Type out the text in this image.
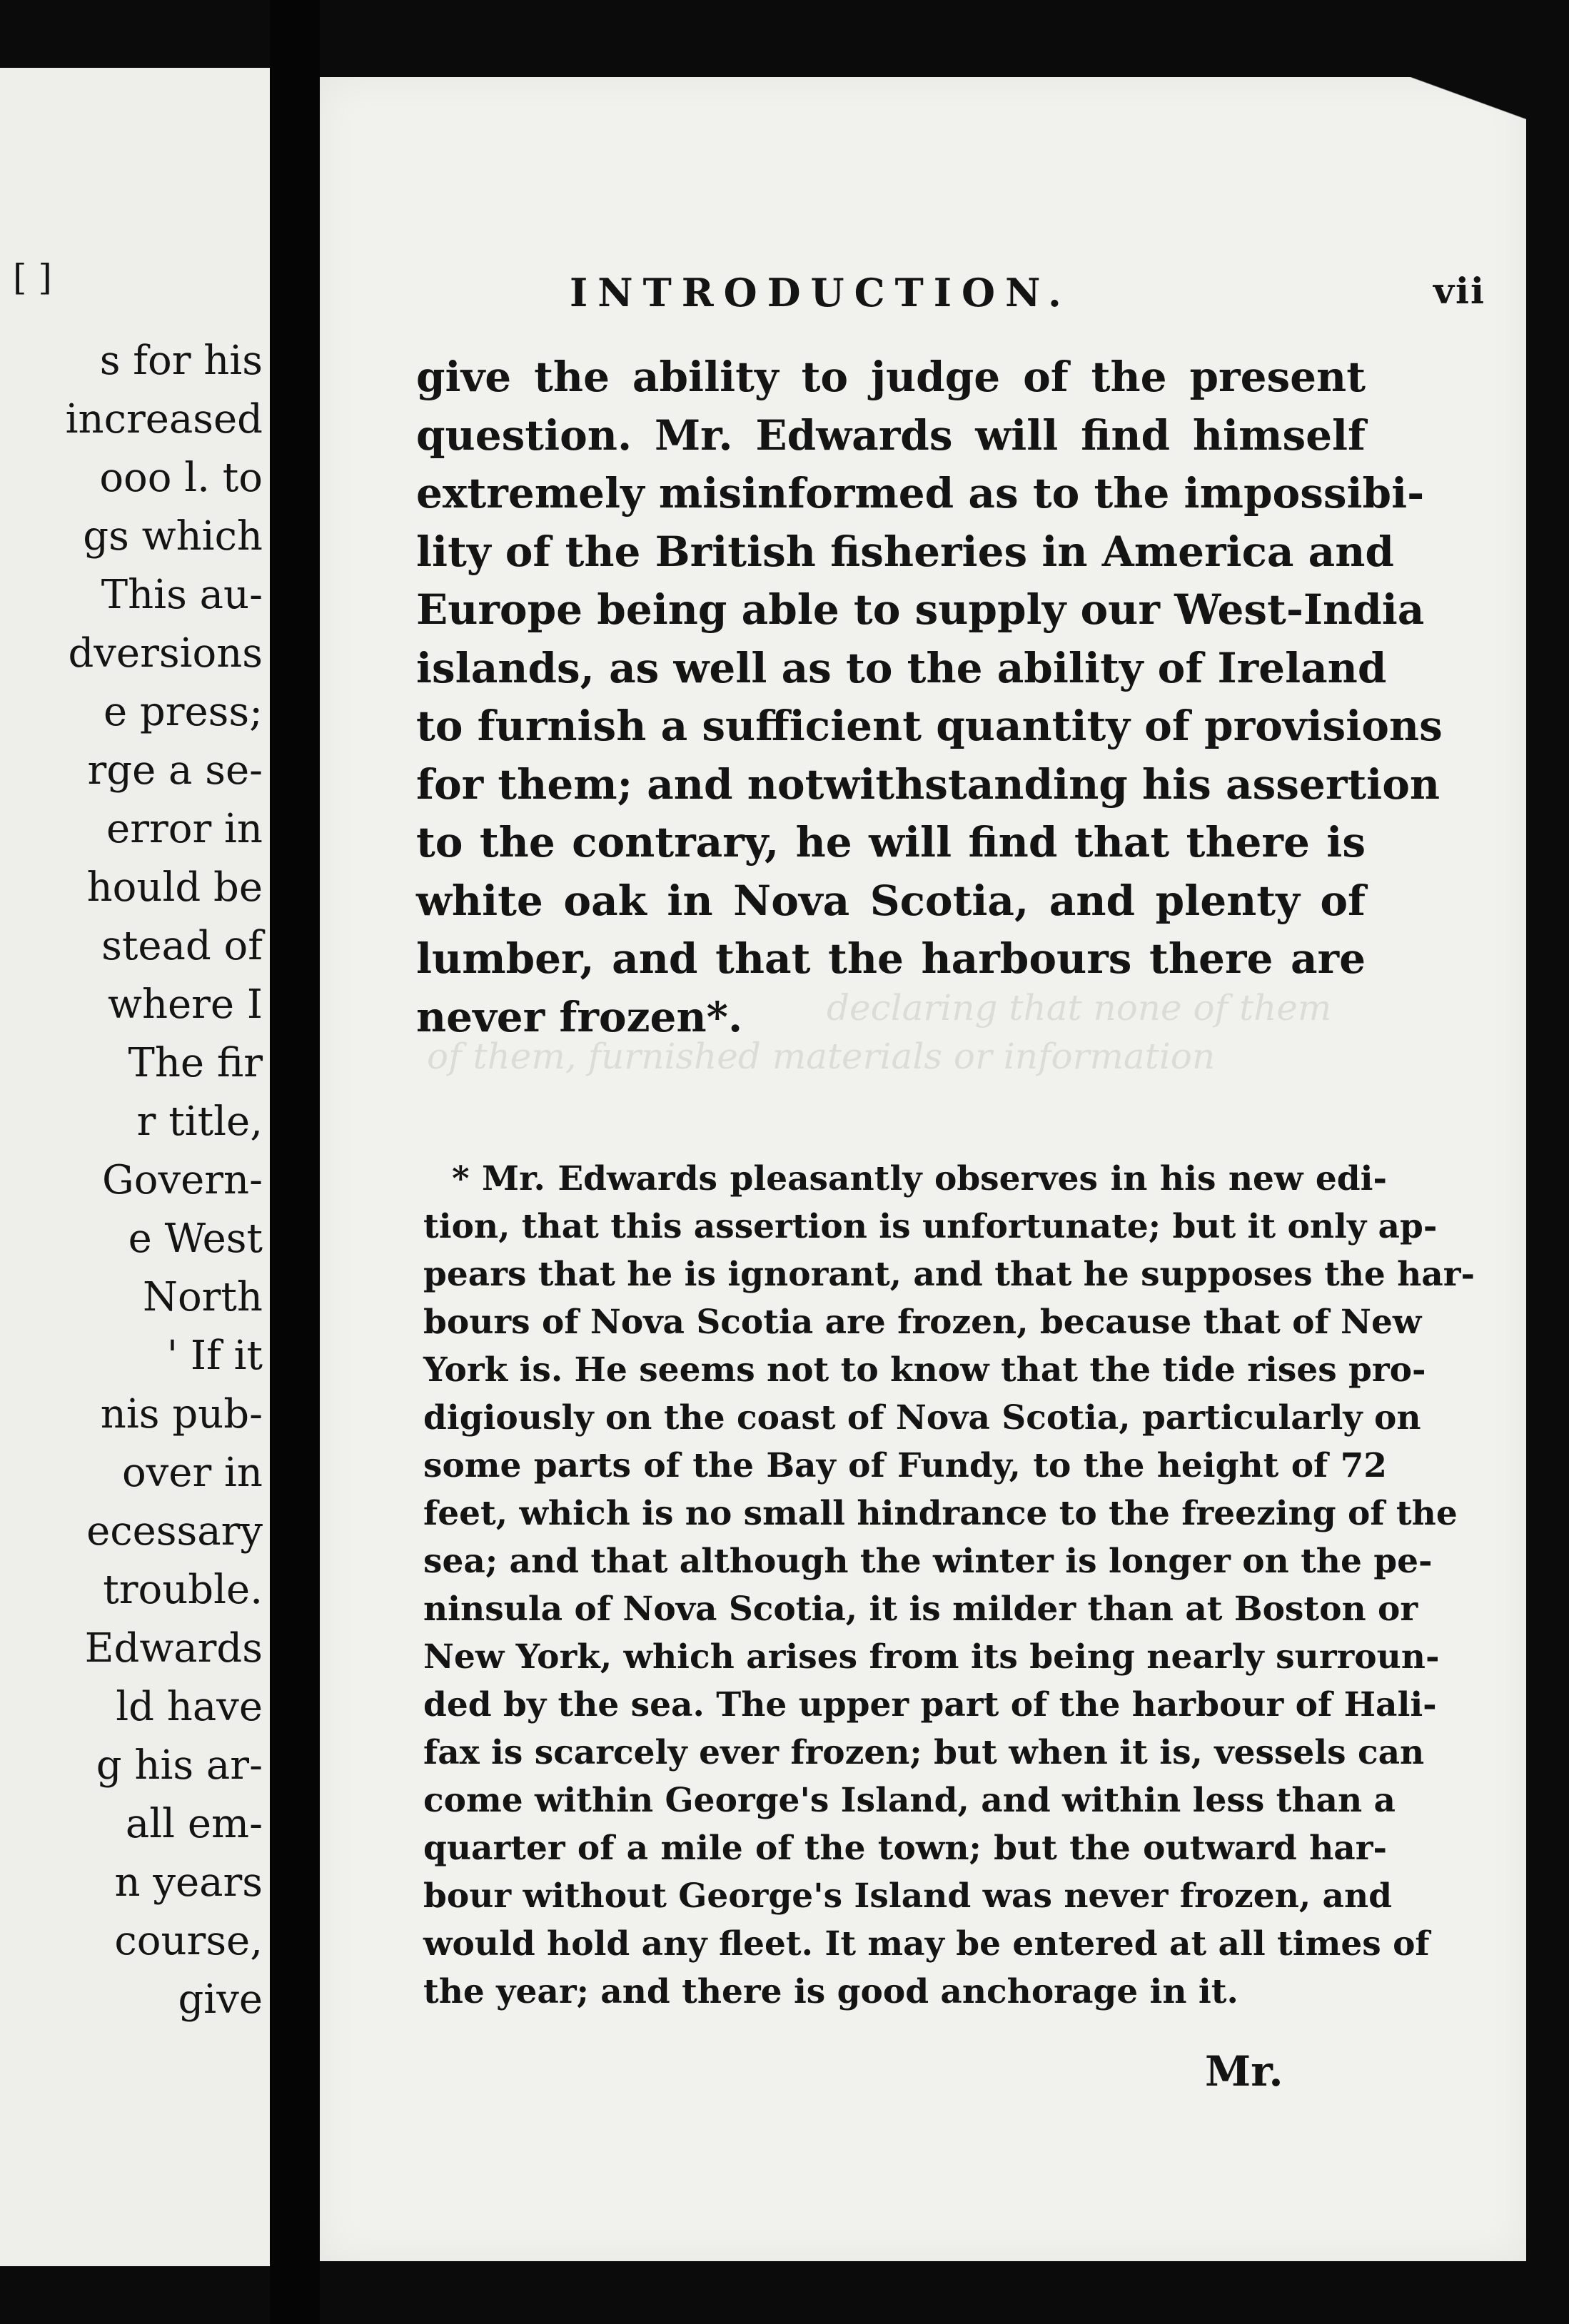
[ ]
s for his
increased
ooo l. to
gs which
This au-
dversions
e press;
rge a se-
error in
hould be
stead of
where I
The fir
r title,
Govern-
e West
North
' If it
nis pub-
over in
ecessary
trouble.
Edwards
ld have
g his ar-
all em-
n years
course,
give
INTRODUCTION.	vii
give the ability to judge of the present
question. Mr. Edwards will find himself
extremely misinformed as to the impossibi-
lity of the British fisheries in America and
Europe being able to supply our West-India
islands, as well as to the ability of Ireland
to furnish a sufficient quantity of provisions
for them; and notwithstanding his assertion
to the contrary, he will find that there is
white oak in Nova Scotia, and plenty of
lumber, and that the harbours there are
never frozen*.	declaring that none of them
of them, furnished materials or information
* Mr. Edwards pleasantly observes in his new edi-
tion, that this assertion is unfortunate; but it only ap-
pears that he is ignorant, and that he supposes the har-
bours of Nova Scotia are frozen, because that of New
York is. He seems not to know that the tide rises pro-
digiously on the coast of Nova Scotia, particularly on
some parts of the Bay of Fundy, to the height of 72
feet, which is no small hindrance to the freezing of the
sea; and that although the winter is longer on the pe-
ninsula of Nova Scotia, it is milder than at Boston or
New York, which arises from its being nearly surroun-
ded by the sea. The upper part of the harbour of Hali-
fax is scarcely ever frozen; but when it is, vessels can
come within George's Island, and within less than a
quarter of a mile of the town; but the outward har-
bour without George's Island was never frozen, and
would hold any fleet. It may be entered at all times of
the year; and there is good anchorage in it.
Mr.
